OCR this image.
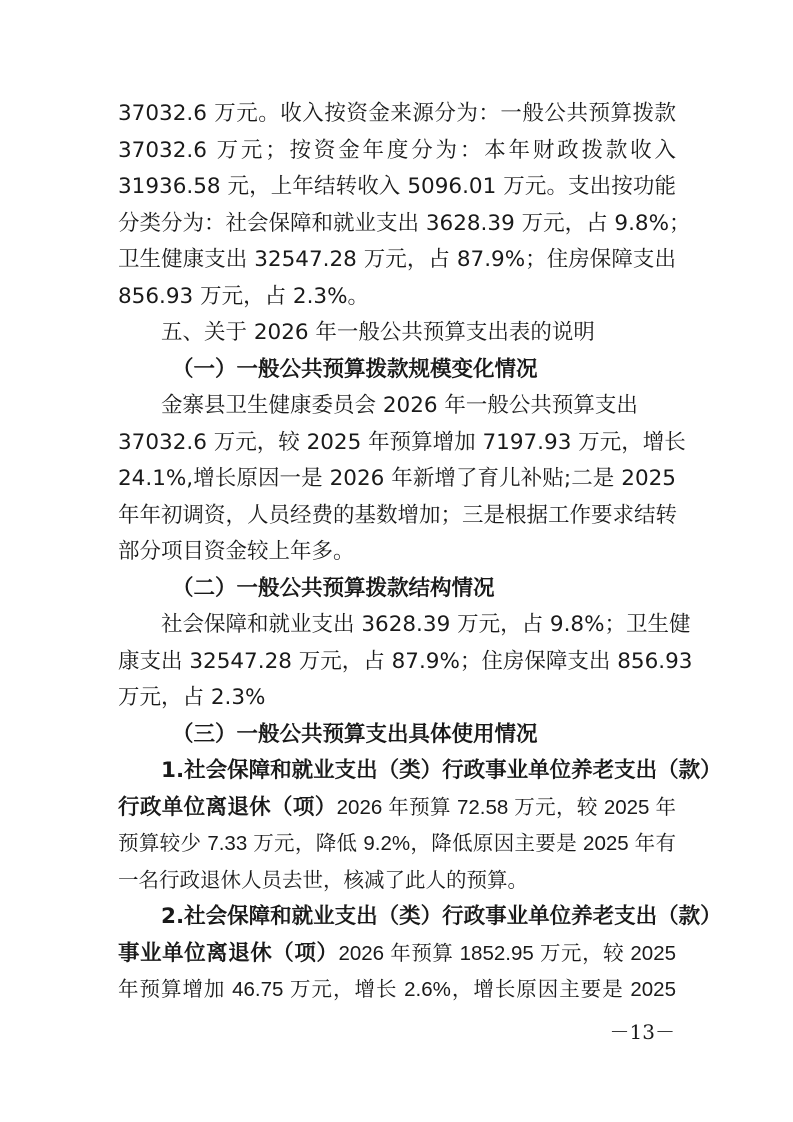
37032.6 万元。收入按资金来源分为：一般公共预算拨款
37032.6 万元；按资金年度分为：本年财政拨款收入
31936.58 元，上年结转收入 5096.01 万元。支出按功能
分类分为：社会保障和就业支出 3628.39 万元，占 9.8%；
卫生健康支出 32547.28 万元，占 87.9%；住房保障支出
856.93 万元，占 2.3%。
五、关于 2026 年一般公共预算支出表的说明
（一）一般公共预算拨款规模变化情况
金寨县卫生健康委员会 2026 年一般公共预算支出
37032.6 万元，较 2025 年预算增加 7197.93 万元，增长
24.1%,增长原因一是 2026 年新增了育儿补贴;二是 2025
年年初调资，人员经费的基数增加；三是根据工作要求结转
部分项目资金较上年多。
（二）一般公共预算拨款结构情况
社会保障和就业支出 3628.39 万元，占 9.8%；卫生健
康支出 32547.28 万元，占 87.9%；住房保障支出 856.93
万元，占 2.3%
（三）一般公共预算支出具体使用情况
1.社会保障和就业支出（类）行政事业单位养老支出（款）
行政单位离退休（项）2026 年预算 72.58 万元，较 2025 年
预算较少 7.33 万元，降低 9.2%，降低原因主要是 2025 年有
一名行政退休人员去世，核减了此人的预算。
2.社会保障和就业支出（类）行政事业单位养老支出（款）
事业单位离退休（项）2026 年预算 1852.95 万元，较 2025
年预算增加 46.75 万元，增长 2.6%，增长原因主要是 2025
－13－
